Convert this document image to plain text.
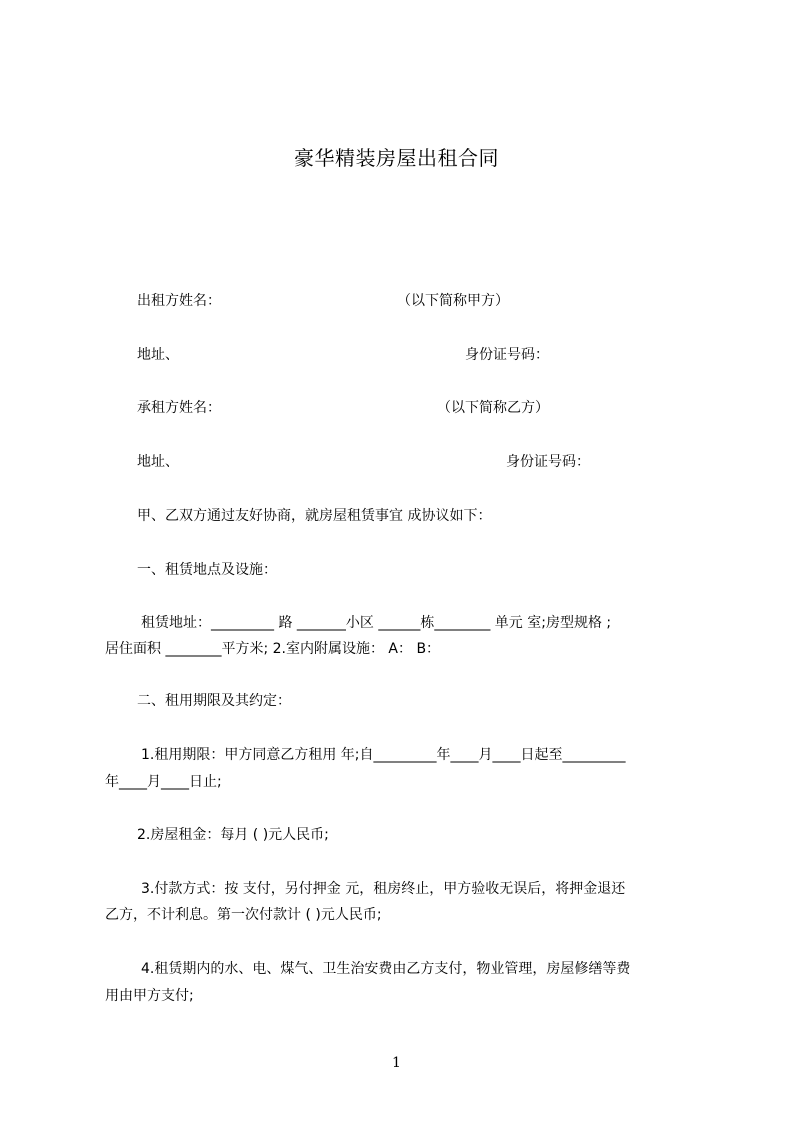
豪华精装房屋出租合同
出租方姓名：	（以下简称甲方）
地址、	身份证号码：
承租方姓名：	（以下简称乙方）
地址、	身份证号码：
甲、乙双方通过友好协商，就房屋租赁事宜 成协议如下：
一、租赁地点及设施：
租赁地址：_________ 路 _______小区 ______栋________ 单元 室;房型规格 ;
居住面积 ________平方米; 2.室内附属设施： A： B：
二、租用期限及其约定：
1.租用期限：甲方同意乙方租用 年;自_________年____月____日起至_________
年____月____日止;
2.房屋租金：每月 ( )元人民币;
3.付款方式：按 支付，另付押金 元，租房终止，甲方验收无误后，将押金退还
乙方，不计利息。第一次付款计 ( )元人民币;
4.租赁期内的水、电、煤气、卫生治安费由乙方支付，物业管理，房屋修缮等费
用由甲方支付;
1
